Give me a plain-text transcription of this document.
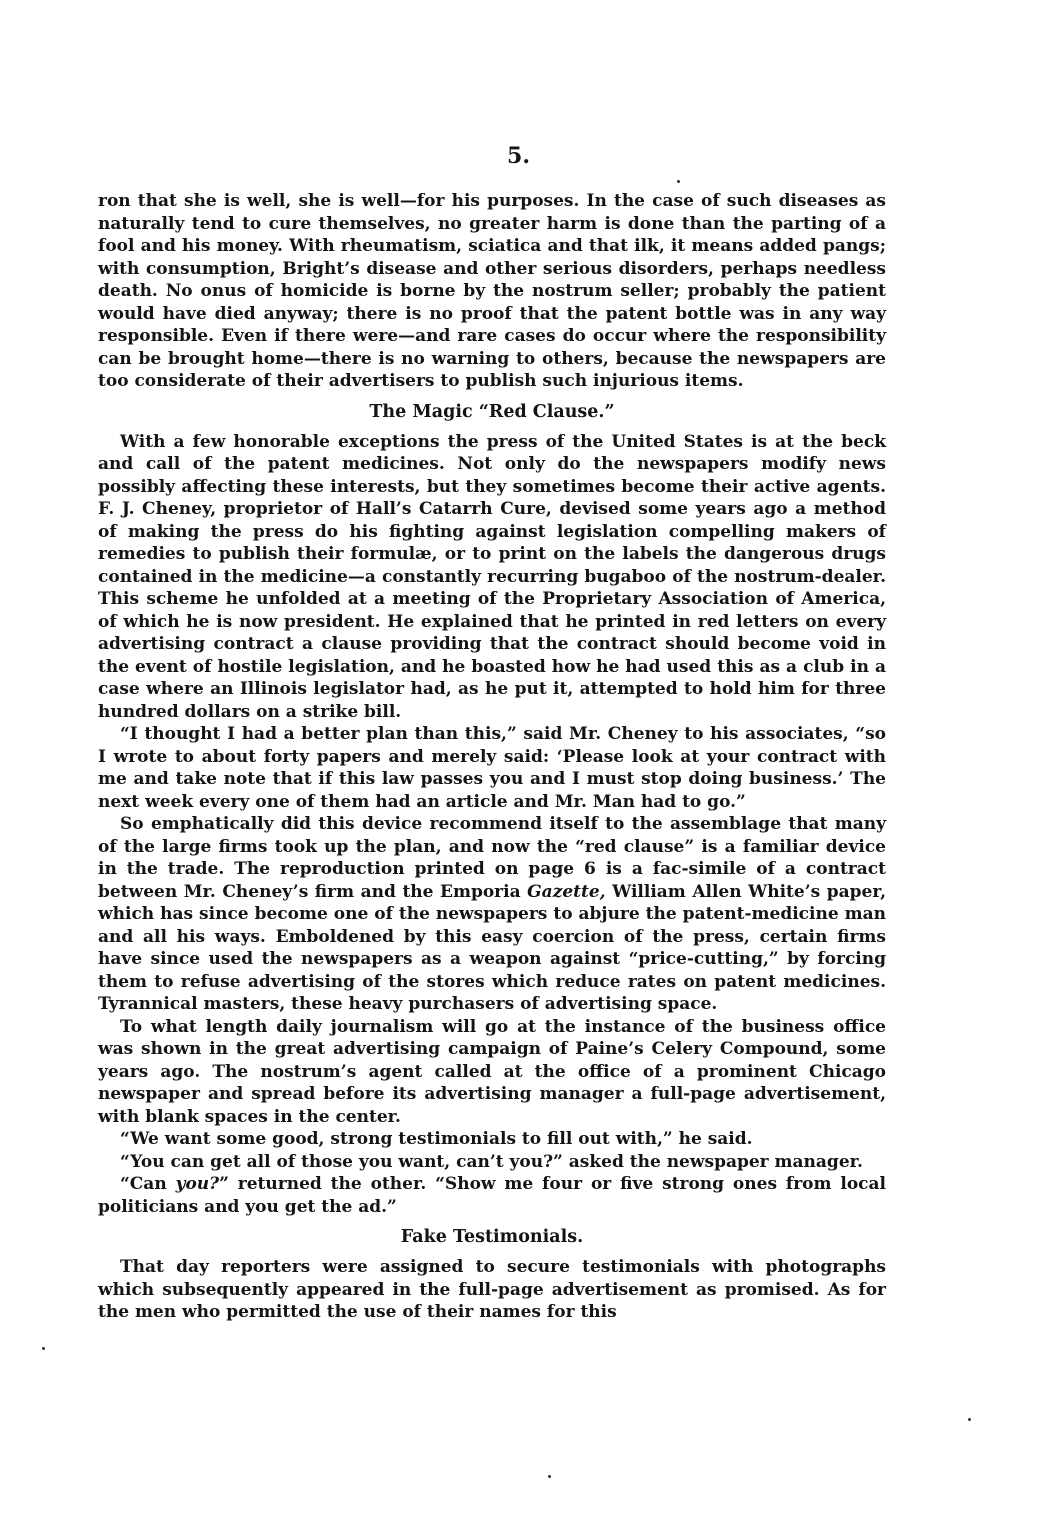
5.

ron that she is well, she is well—for his purposes. In the case of such diseases as naturally tend to cure themselves, no greater harm is done than the parting of a fool and his money. With rheumatism, sciatica and that ilk, it means added pangs; with consumption, Bright’s disease and other serious disorders, perhaps needless death. No onus of homicide is borne by the nostrum seller; probably the patient would have died anyway; there is no proof that the patent bottle was in any way responsible. Even if there were—and rare cases do occur where the responsibility can be brought home—there is no warning to others, because the newspapers are too considerate of their advertisers to publish such injurious items.

The Magic “Red Clause.”

With a few honorable exceptions the press of the United States is at the beck and call of the patent medicines. Not only do the newspapers modify news possibly affecting these interests, but they sometimes become their active agents. F. J. Cheney, proprietor of Hall’s Catarrh Cure, devised some years ago a method of making the press do his fighting against legislation compelling makers of remedies to publish their formulæ, or to print on the labels the dangerous drugs contained in the medicine—a constantly recurring bugaboo of the nostrum-dealer. This scheme he unfolded at a meeting of the Proprietary Association of America, of which he is now president. He explained that he printed in red letters on every advertising contract a clause providing that the contract should become void in the event of hostile legislation, and he boasted how he had used this as a club in a case where an Illinois legislator had, as he put it, attempted to hold him for three hundred dollars on a strike bill.

“I thought I had a better plan than this,” said Mr. Cheney to his associates, “so I wrote to about forty papers and merely said: ‘Please look at your contract with me and take note that if this law passes you and I must stop doing business.’ The next week every one of them had an article and Mr. Man had to go.”

So emphatically did this device recommend itself to the assemblage that many of the large firms took up the plan, and now the “red clause” is a familiar device in the trade. The reproduction printed on page 6 is a fac-simile of a contract between Mr. Cheney’s firm and the Emporia Gazette, William Allen White’s paper, which has since become one of the newspapers to abjure the patent-medicine man and all his ways. Emboldened by this easy coercion of the press, certain firms have since used the newspapers as a weapon against “price-cutting,” by forcing them to refuse advertising of the stores which reduce rates on patent medicines. Tyrannical masters, these heavy purchasers of advertising space.

To what length daily journalism will go at the instance of the business office was shown in the great advertising campaign of Paine’s Celery Compound, some years ago. The nostrum’s agent called at the office of a prominent Chicago newspaper and spread before its advertising manager a full-page advertisement, with blank spaces in the center.

“We want some good, strong testimonials to fill out with,” he said.

“You can get all of those you want, can’t you?” asked the newspaper manager.

“Can you?” returned the other. “Show me four or five strong ones from local politicians and you get the ad.”

Fake Testimonials.

That day reporters were assigned to secure testimonials with photographs which subsequently appeared in the full-page advertisement as promised. As for the men who permitted the use of their names for this
